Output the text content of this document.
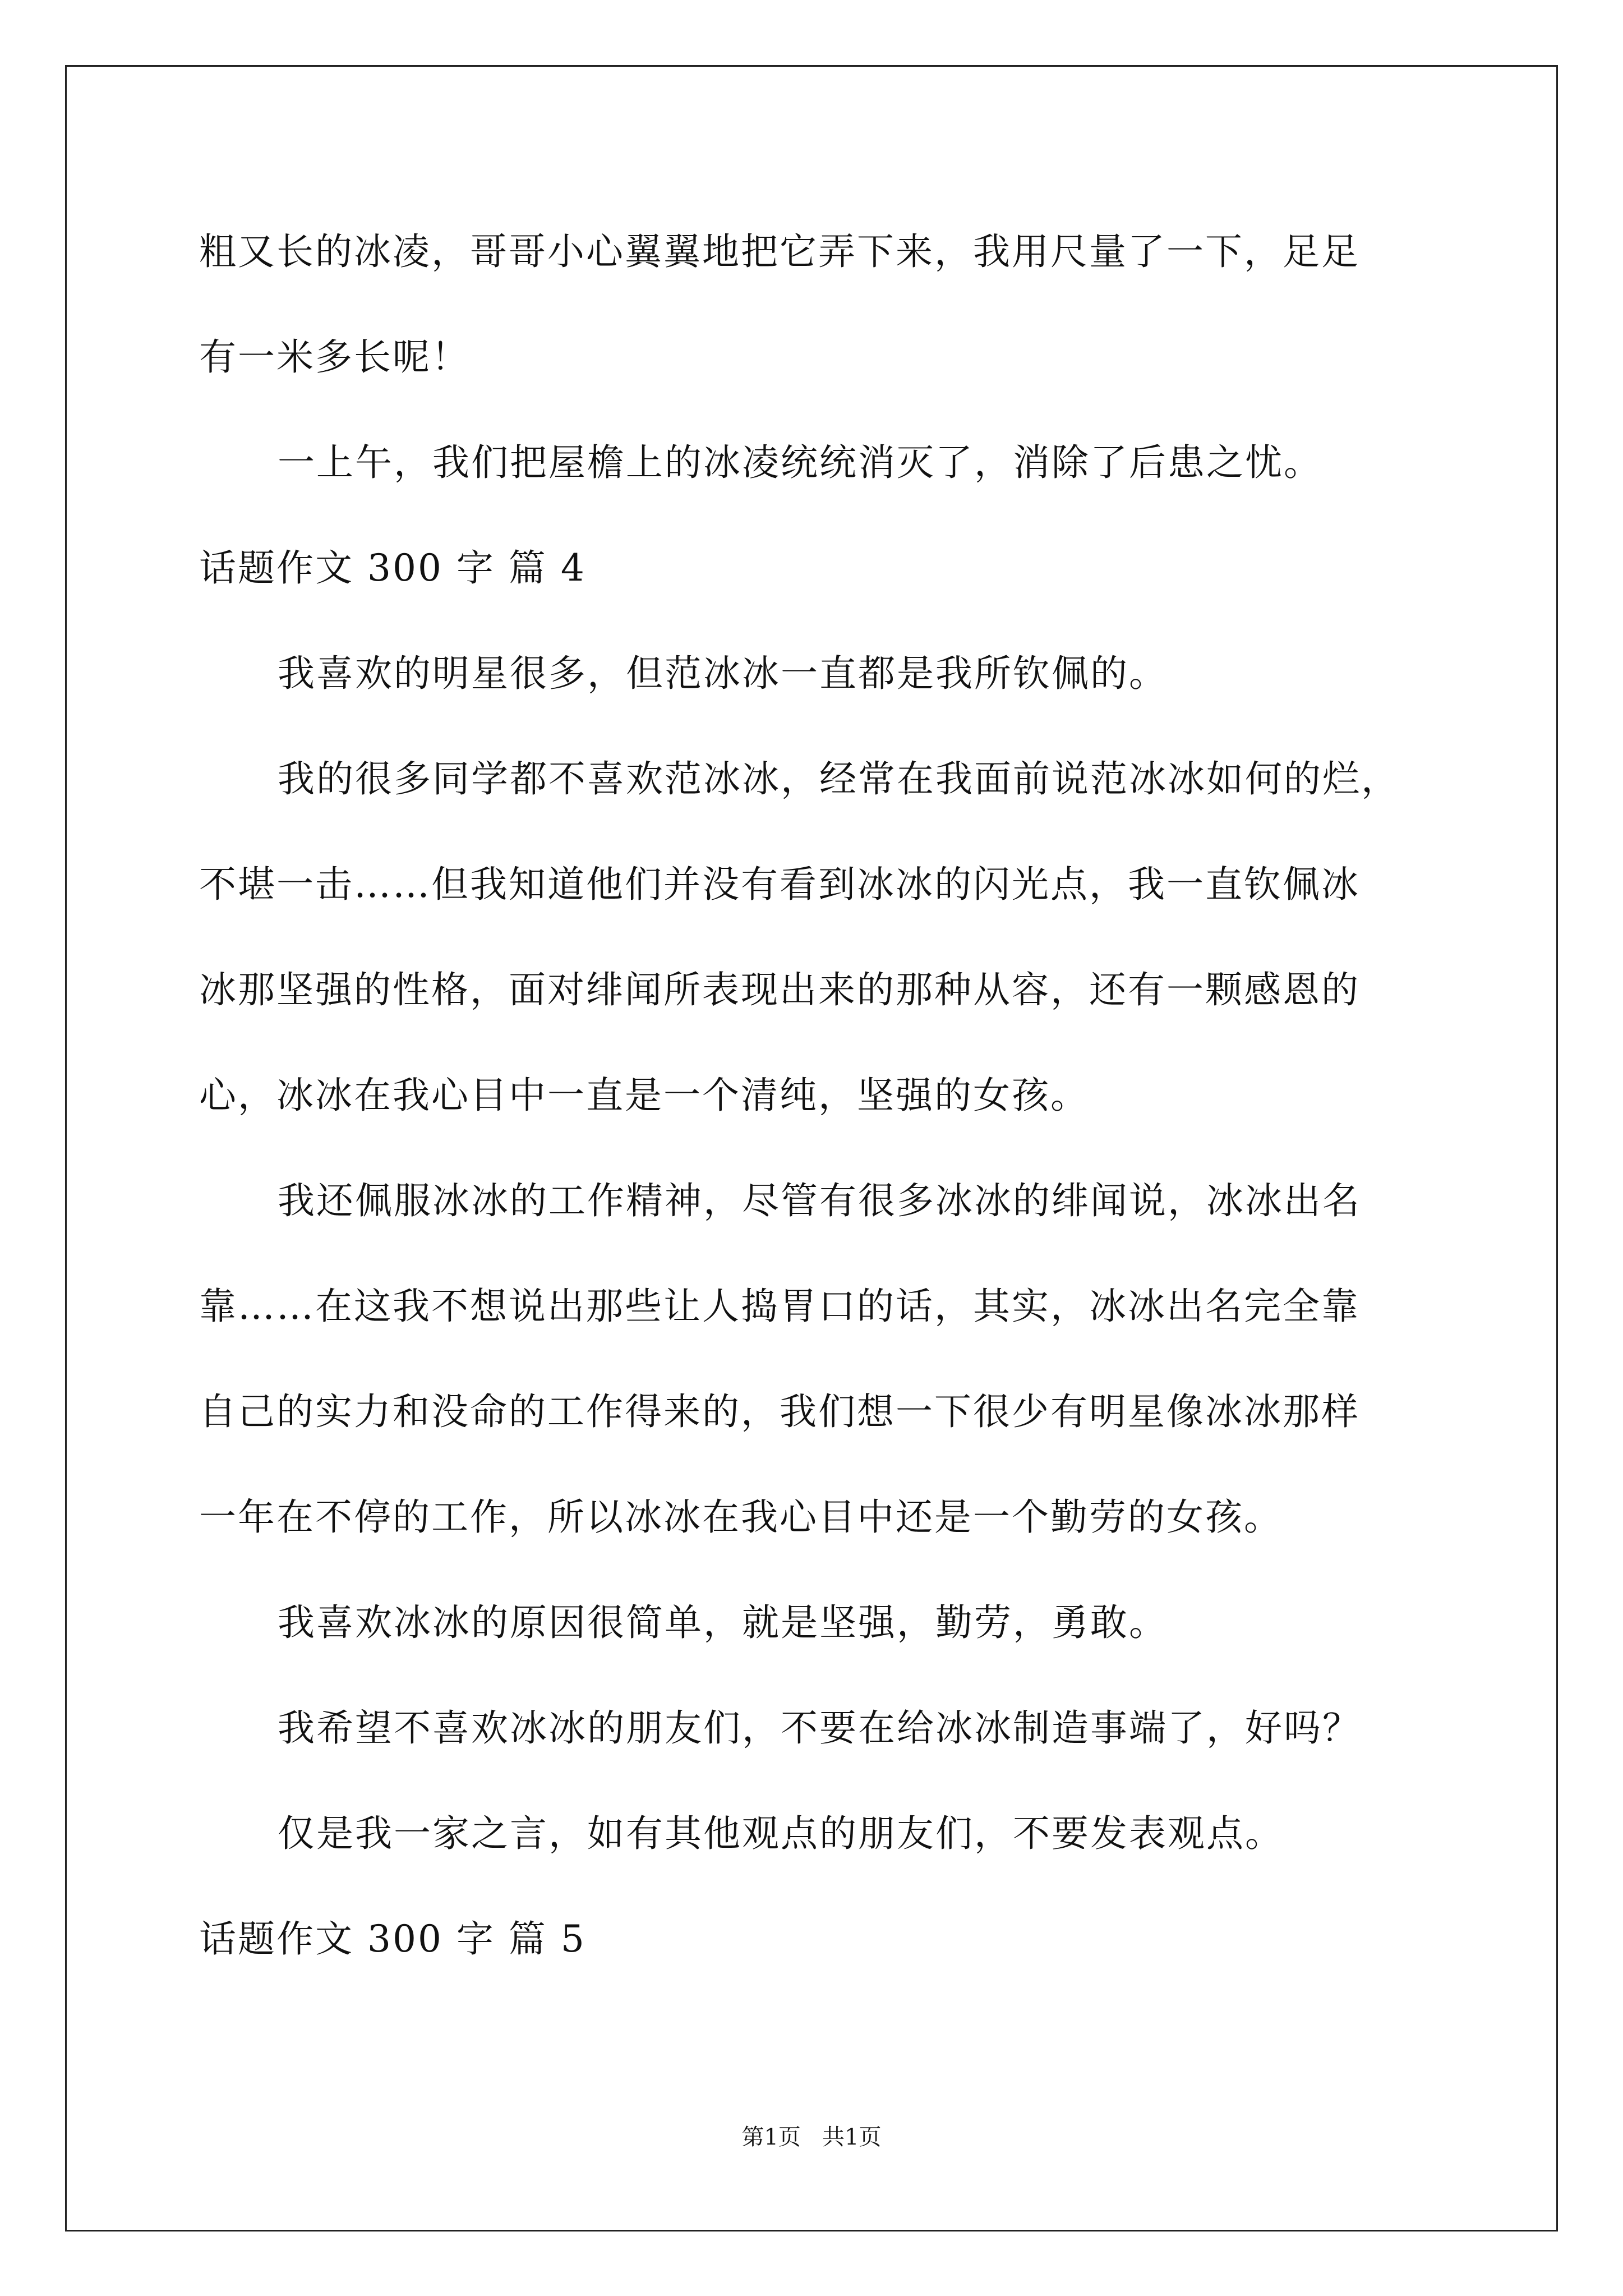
粗又长的冰凌，哥哥小心翼翼地把它弄下来，我用尺量了一下，足足
有一米多长呢！
一上午，我们把屋檐上的冰凌统统消灭了，消除了后患之忧。
话题作文 300 字 篇 4
我喜欢的明星很多，但范冰冰一直都是我所钦佩的。
我的很多同学都不喜欢范冰冰，经常在我面前说范冰冰如何的烂，
不堪一击……但我知道他们并没有看到冰冰的闪光点，我一直钦佩冰
冰那坚强的性格，面对绯闻所表现出来的那种从容，还有一颗感恩的
心，冰冰在我心目中一直是一个清纯，坚强的女孩。
我还佩服冰冰的工作精神，尽管有很多冰冰的绯闻说，冰冰出名
靠……在这我不想说出那些让人捣胃口的话，其实，冰冰出名完全靠
自己的实力和没命的工作得来的，我们想一下很少有明星像冰冰那样
一年在不停的工作，所以冰冰在我心目中还是一个勤劳的女孩。
我喜欢冰冰的原因很简单，就是坚强，勤劳，勇敢。
我希望不喜欢冰冰的朋友们，不要在给冰冰制造事端了，好吗？
仅是我一家之言，如有其他观点的朋友们，不要发表观点。
话题作文 300 字 篇 5
第1页   共1页
